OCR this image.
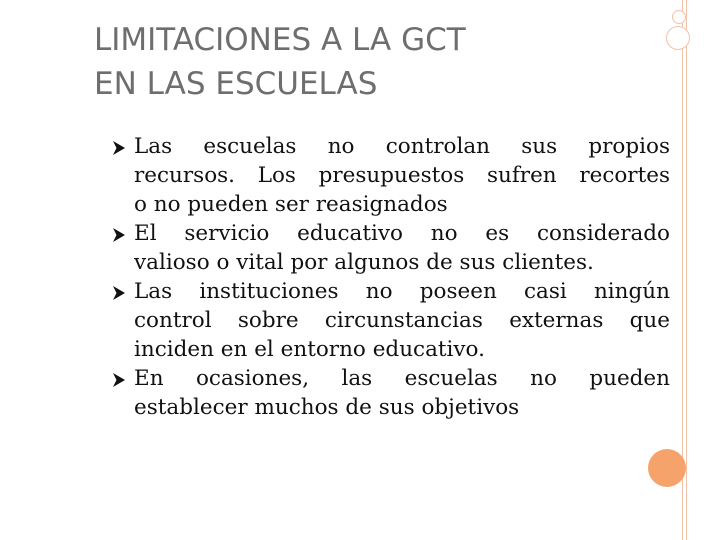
LIMITACIONES A LA GCT
EN LAS ESCUELAS
Las escuelas no controlan sus propios
recursos. Los presupuestos sufren recortes
o no pueden ser reasignados
El servicio educativo no es considerado
valioso o vital por algunos de sus clientes.
Las instituciones no poseen casi ningún
control sobre circunstancias externas que
inciden en el entorno educativo.
En ocasiones, las escuelas no pueden
establecer muchos de sus objetivos
